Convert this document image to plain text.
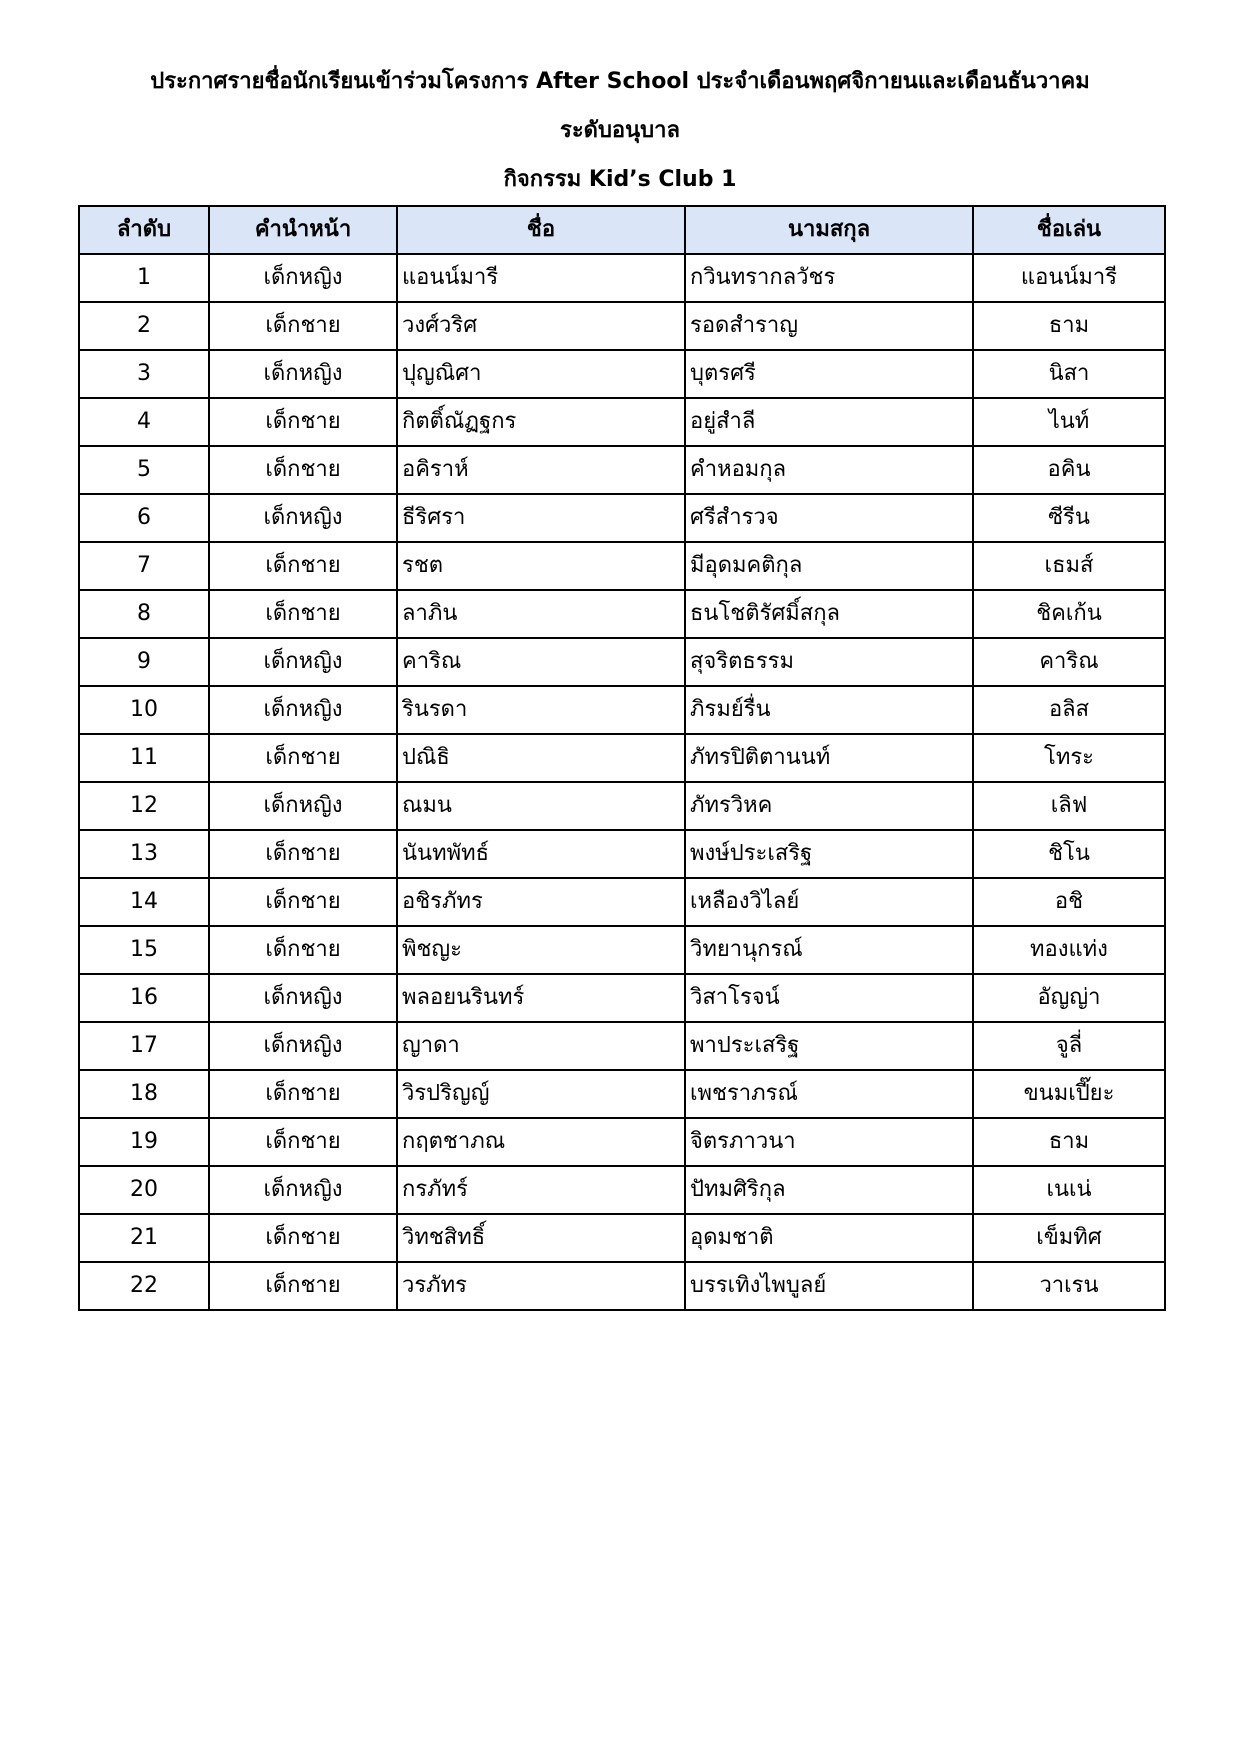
ประกาศรายชื่อนักเรียนเข้าร่วมโครงการ After School ประจำเดือนพฤศจิกายนและเดือนธันวาคม
ระดับอนุบาล
กิจกรรม Kid’s Club 1
ลำดับ	คำนำหน้า	ชื่อ	นามสกุล	ชื่อเล่น
1	เด็กหญิง	แอนน์มารี	กวินทรากลวัชร	แอนน์มารี
2	เด็กชาย	วงศ์วริศ	รอดสำราญ	ธาม
3	เด็กหญิง	ปุญณิศา	บุตรศรี	นิสา
4	เด็กชาย	กิตติ์ณัฏฐกร	อยู่สำลี	ไนท์
5	เด็กชาย	อคิราห์	คำหอมกุล	อคิน
6	เด็กหญิง	ธีริศรา	ศรีสำรวจ	ซีรีน
7	เด็กชาย	รชต	มีอุดมคติกุล	เธมส์
8	เด็กชาย	ลาภิน	ธนโชติรัศมิ์สกุล	ชิคเก้น
9	เด็กหญิง	คาริณ	สุจริตธรรม	คาริณ
10	เด็กหญิง	รินรดา	ภิรมย์รื่น	อลิส
11	เด็กชาย	ปณิธิ	ภัทรปิติตานนท์	โทระ
12	เด็กหญิง	ณมน	ภัทรวิหค	เลิฟ
13	เด็กชาย	นันทพัทธ์	พงษ์ประเสริฐ	ชิโน
14	เด็กชาย	อชิรภัทร	เหลืองวิไลย์	อชิ
15	เด็กชาย	พิชญะ	วิทยานุกรณ์	ทองแท่ง
16	เด็กหญิง	พลอยนรินทร์	วิสาโรจน์	อัญญ่า
17	เด็กหญิง	ญาดา	พาประเสริฐ	จูลี่
18	เด็กชาย	วิรปริญญ์	เพชราภรณ์	ขนมเปี๊ยะ
19	เด็กชาย	กฤตชาภณ	จิตรภาวนา	ธาม
20	เด็กหญิง	กรภัทร์	ปัทมศิริกุล	เนเน่
21	เด็กชาย	วิทชสิทธิ์	อุดมชาติ	เข็มทิศ
22	เด็กชาย	วรภัทร	บรรเทิงไพบูลย์	วาเรน
